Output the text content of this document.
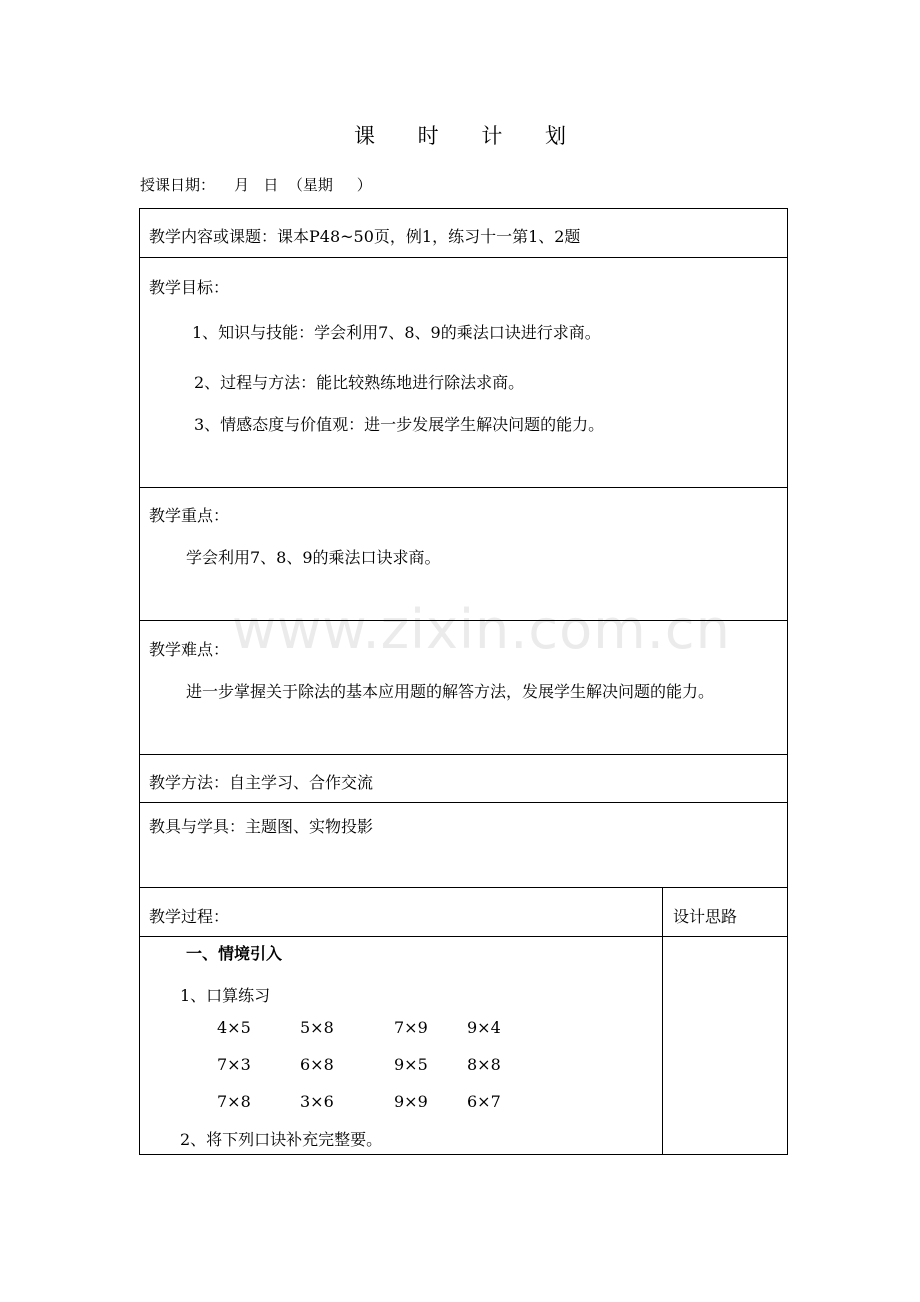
课 时 计 划
授课日期：    月   日  （星期     ）
www.zixin.com.cn
教学内容或课题：课本P48~50页，例1，练习十一第1、2题
教学目标：
1、知识与技能：学会利用7、8、9的乘法口诀进行求商。
2、过程与方法：能比较熟练地进行除法求商。
3、情感态度与价值观：进一步发展学生解决问题的能力。
教学重点：
学会利用7、8、9的乘法口诀求商。
教学难点：
进一步掌握关于除法的基本应用题的解答方法，发展学生解决问题的能力。
教学方法：自主学习、合作交流
教具与学具：主题图、实物投影
教学过程：	设计思路
一、情境引入
1、口算练习
4×5	5×8	7×9 9×4
7×3	6×8	9×5 8×8
7×8	3×6	9×9 6×7
2、将下列口诀补充完整要。
